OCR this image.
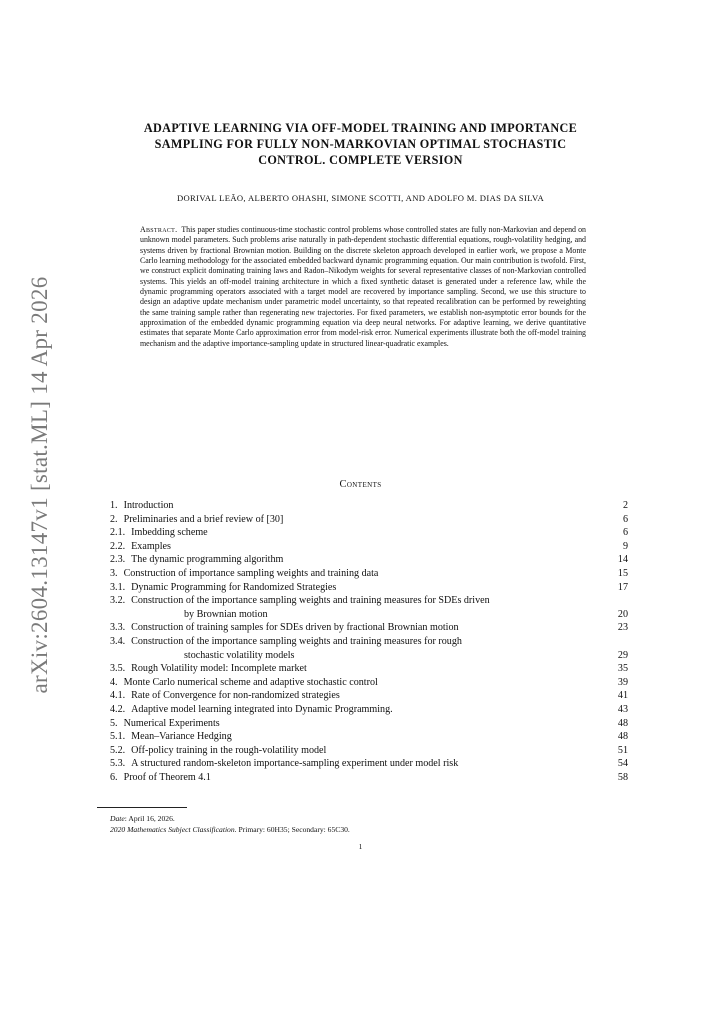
arXiv:2604.13147v1 [stat.ML] 14 Apr 2026
ADAPTIVE LEARNING VIA OFF-MODEL TRAINING AND IMPORTANCE
SAMPLING FOR FULLY NON-MARKOVIAN OPTIMAL STOCHASTIC
CONTROL. COMPLETE VERSION
DORIVAL LEÃO, ALBERTO OHASHI, SIMONE SCOTTI, AND ADOLFO M. DIAS DA SILVA

Abstract. This paper studies continuous-time stochastic control problems whose controlled states are fully non-Markovian and depend on unknown model parameters. Such problems arise naturally in path-dependent stochastic differential equations, rough-volatility hedging, and systems driven by fractional Brownian motion. Building on the discrete skeleton approach developed in earlier work, we propose a Monte Carlo learning methodology for the associated embedded backward dynamic programming equation. Our main contribution is twofold. First, we construct explicit dominating training laws and Radon–Nikodym weights for several representative classes of non-Markovian controlled systems. This yields an off-model training architecture in which a fixed synthetic dataset is generated under a reference law, while the dynamic programming operators associated with a target model are recovered by importance sampling. Second, we use this structure to design an adaptive update mechanism under parametric model uncertainty, so that repeated recalibration can be performed by reweighting the same training sample rather than regenerating new trajectories. For fixed parameters, we establish non-asymptotic error bounds for the approximation of the embedded dynamic programming equation via deep neural networks. For adaptive learning, we derive quantitative estimates that separate Monte Carlo approximation error from model-risk error. Numerical experiments illustrate both the off-model training mechanism and the adaptive importance-sampling update in structured linear-quadratic examples.

Contents
1. Introduction	2
2. Preliminaries and a brief review of [30]	6
2.1. Imbedding scheme	6
2.2. Examples	9
2.3. The dynamic programming algorithm	14
3. Construction of importance sampling weights and training data	15
3.1. Dynamic Programming for Randomized Strategies	17
3.2. Construction of the importance sampling weights and training measures for SDEs driven
by Brownian motion	20
3.3. Construction of training samples for SDEs driven by fractional Brownian motion	23
3.4. Construction of the importance sampling weights and training measures for rough
stochastic volatility models	29
3.5. Rough Volatility model: Incomplete market	35
4. Monte Carlo numerical scheme and adaptive stochastic control	39
4.1. Rate of Convergence for non-randomized strategies	41
4.2. Adaptive model learning integrated into Dynamic Programming.	43
5. Numerical Experiments	48
5.1. Mean–Variance Hedging	48
5.2. Off-policy training in the rough-volatility model	51
5.3. A structured random-skeleton importance-sampling experiment under model risk	54
6. Proof of Theorem 4.1	58
Date: April 16, 2026.
2020 Mathematics Subject Classification. Primary: 60H35; Secondary: 65C30.
1
